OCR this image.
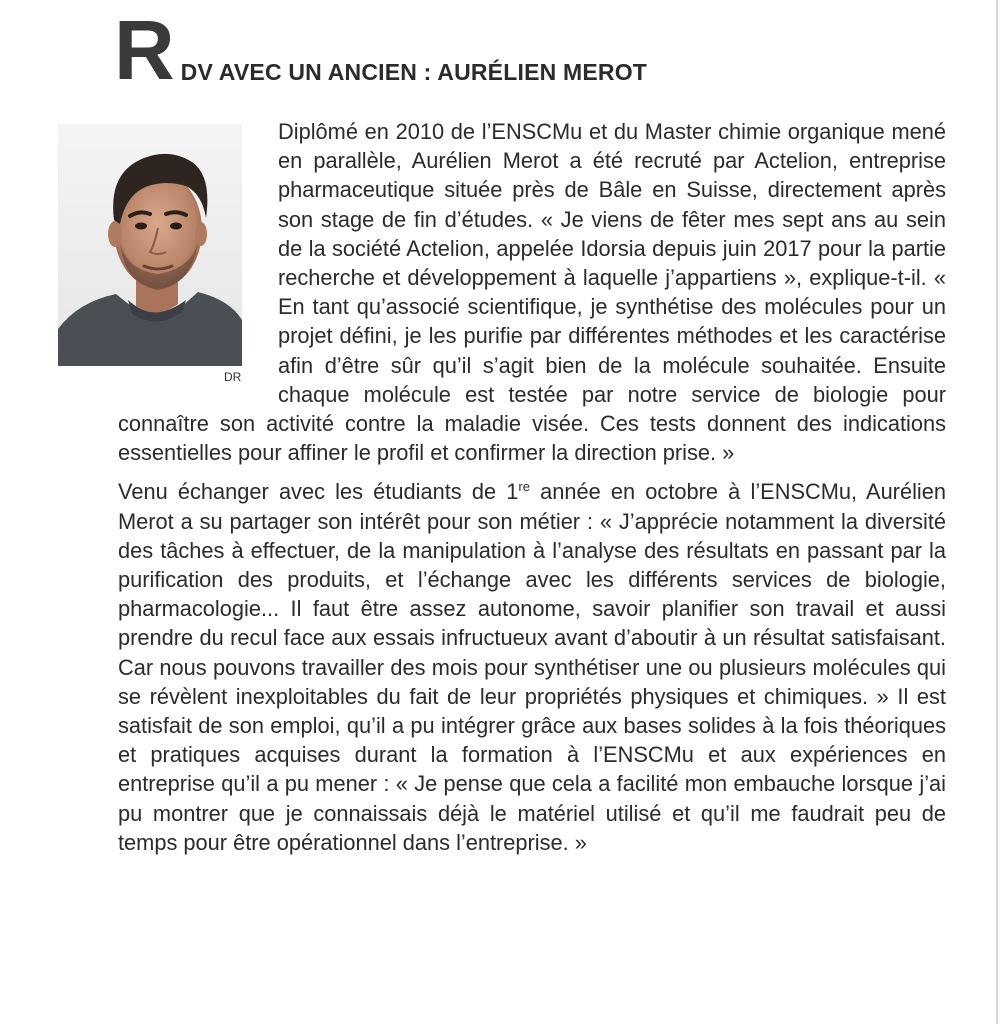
R DV AVEC UN ANCIEN : AURÉLIEN MEROT
DR

Diplômé en 2010 de l’ENSCMu et du Master chimie organique mené en parallèle, Aurélien Merot a été recruté par Actelion, entreprise pharmaceutique située près de Bâle en Suisse, directement après son stage de fin d’études. « Je viens de fêter mes sept ans au sein de la société Actelion, appelée Idorsia depuis juin 2017 pour la partie recherche et développement à laquelle j’appartiens », explique-t-il. « En tant qu’associé scientifique, je synthétise des molécules pour un projet défini, je les purifie par différentes méthodes et les caractérise afin d’être sûr qu’il s’agit bien de la molécule souhaitée. Ensuite chaque molécule est testée par notre service de biologie pour connaître son activité contre la maladie visée. Ces tests donnent des indications essentielles pour affiner le profil et confirmer la direction prise. »

Venu échanger avec les étudiants de 1re année en octobre à l’ENSCMu, Aurélien Merot a su partager son intérêt pour son métier : « J’apprécie notamment la diversité des tâches à effectuer, de la manipulation à l’analyse des résultats en passant par la purification des produits, et l’échange avec les différents services de biologie, pharmacologie... Il faut être assez autonome, savoir planifier son travail et aussi prendre du recul face aux essais infructueux avant d’aboutir à un résultat satisfaisant. Car nous pouvons travailler des mois pour synthétiser une ou plusieurs molécules qui se révèlent inexploitables du fait de leur propriétés physiques et chimiques. » Il est satisfait de son emploi, qu’il a pu intégrer grâce aux bases solides à la fois théoriques et pratiques acquises durant la formation à l’ENSCMu et aux expériences en entreprise qu’il a pu mener : « Je pense que cela a facilité mon embauche lorsque j’ai pu montrer que je connaissais déjà le matériel utilisé et qu’il me faudrait peu de temps pour être opérationnel dans l’entreprise. »
